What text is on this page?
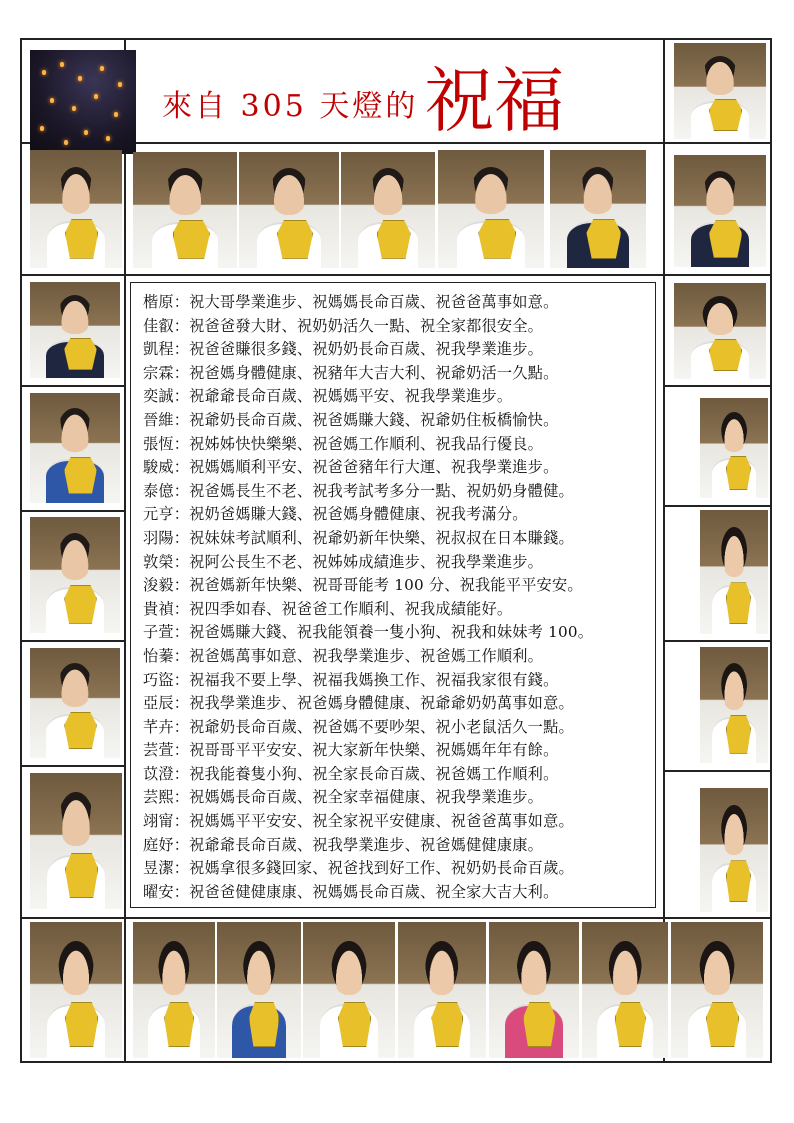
來自 305 天燈的 祝福
楷原：祝大哥學業進步、祝媽媽長命百歲、祝爸爸萬事如意。
佳叡：祝爸爸發大財、祝奶奶活久一點、祝全家都很安全。
凱程：祝爸爸賺很多錢、祝奶奶長命百歲、祝我學業進步。
宗霖：祝爸媽身體健康、祝豬年大吉大利、祝爺奶活一久點。
奕誠：祝爺爺長命百歲、祝媽媽平安、祝我學業進步。
晉維：祝爺奶長命百歲、祝爸媽賺大錢、祝爺奶住板橋愉快。
張恆：祝姊姊快快樂樂、祝爸媽工作順利、祝我品行優良。
駿威：祝媽媽順利平安、祝爸爸豬年行大運、祝我學業進步。
泰億：祝爸媽長生不老、祝我考試考多分一點、祝奶奶身體健。
元亨：祝奶爸媽賺大錢、祝爸媽身體健康、祝我考滿分。
羽陽：祝妹妹考試順利、祝爺奶新年快樂、祝叔叔在日本賺錢。
敦榮：祝阿公長生不老、祝姊姊成績進步、祝我學業進步。
浚毅：祝爸媽新年快樂、祝哥哥能考 100 分、祝我能平平安安。
貴禎：祝四季如春、祝爸爸工作順利、祝我成績能好。
子萱：祝爸媽賺大錢、祝我能領養一隻小狗、祝我和妹妹考 100。
怡蓁：祝爸媽萬事如意、祝我學業進步、祝爸媽工作順利。
巧盜：祝福我不要上學、祝福我媽換工作、祝福我家很有錢。
亞辰：祝我學業進步、祝爸媽身體健康、祝爺爺奶奶萬事如意。
芊卉：祝爺奶長命百歲、祝爸媽不要吵架、祝小老鼠活久一點。
芸萱：祝哥哥平平安安、祝大家新年快樂、祝媽媽年年有餘。
苡澄：祝我能養隻小狗、祝全家長命百歲、祝爸媽工作順利。
芸熙：祝媽媽長命百歲、祝全家幸福健康、祝我學業進步。
翊甯：祝媽媽平平安安、祝全家祝平安健康、祝爸爸萬事如意。
庭妤：祝爺爺長命百歲、祝我學業進步、祝爸媽健健康康。
昱潔：祝媽拿很多錢回家、祝爸找到好工作、祝奶奶長命百歲。
曜安：祝爸爸健健康康、祝媽媽長命百歲、祝全家大吉大利。
